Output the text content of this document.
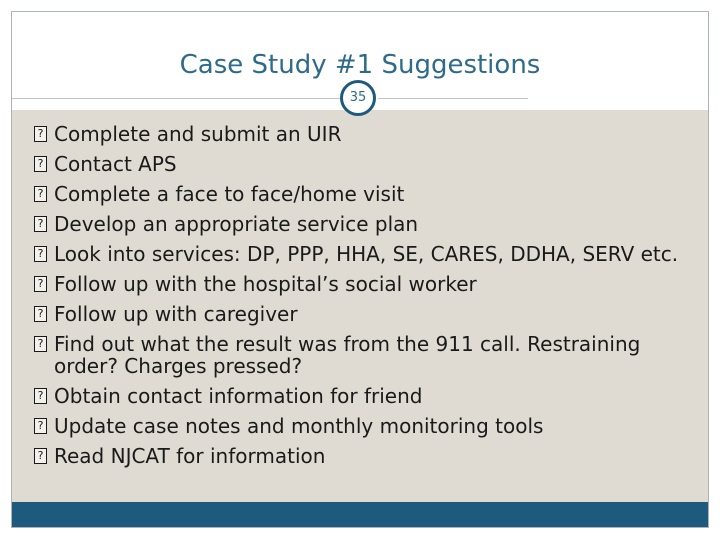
Case Study #1 Suggestions
35
?
Complete and submit an UIR
?
Contact APS
?
Complete a face to face/home visit
?
Develop an appropriate service plan
?
Look into services: DP, PPP, HHA, SE, CARES, DDHA, SERV etc.
?
Follow up with the hospital’s social worker
?
Follow up with caregiver
?
Find out what the result was from the 911 call. Restraining order? Charges pressed?
?
Obtain contact information for friend
?
Update case notes and monthly monitoring tools
?
Read NJCAT for information
